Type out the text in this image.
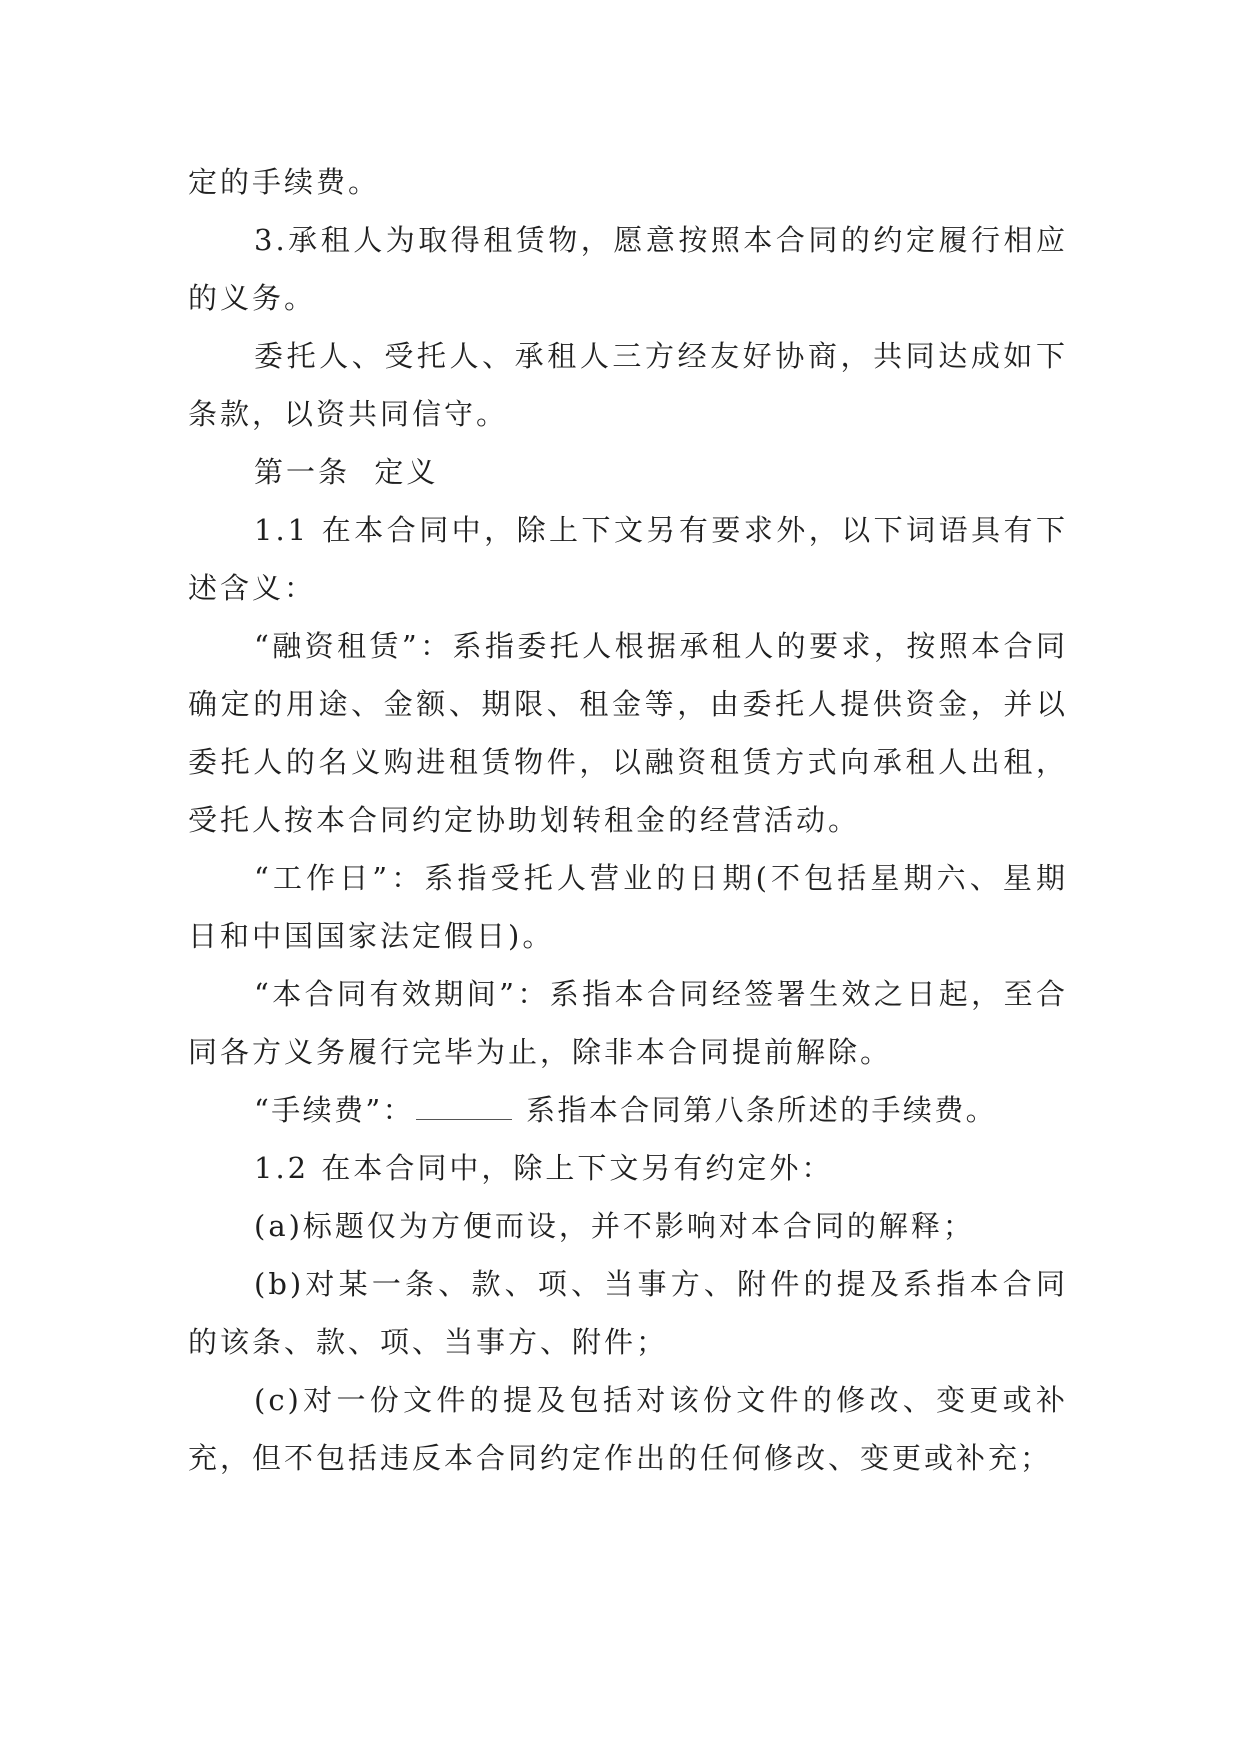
定的手续费。

3.承租人为取得租赁物，愿意按照本合同的约定履行相应的义务。

委托人、受托人、承租人三方经友好协商，共同达成如下条款，以资共同信守。

第一条  定义

1.1 在本合同中，除上下文另有要求外，以下词语具有下述含义：

“融资租赁”：系指委托人根据承租人的要求，按照本合同确定的用途、金额、期限、租金等，由委托人提供资金，并以委托人的名义购进租赁物件，以融资租赁方式向承租人出租，受托人按本合同约定协助划转租金的经营活动。

“工作日”：系指受托人营业的日期(不包括星期六、星期日和中国国家法定假日)。

“本合同有效期间”：系指本合同经签署生效之日起，至合同各方义务履行完毕为止，除非本合同提前解除。

“手续费”：	系指本合同第八条所述的手续费。

1.2 在本合同中，除上下文另有约定外：

(a)标题仅为方便而设，并不影响对本合同的解释；

(b)对某一条、款、项、当事方、附件的提及系指本合同的该条、款、项、当事方、附件；

(c)对一份文件的提及包括对该份文件的修改、变更或补充，但不包括违反本合同约定作出的任何修改、变更或补充；
